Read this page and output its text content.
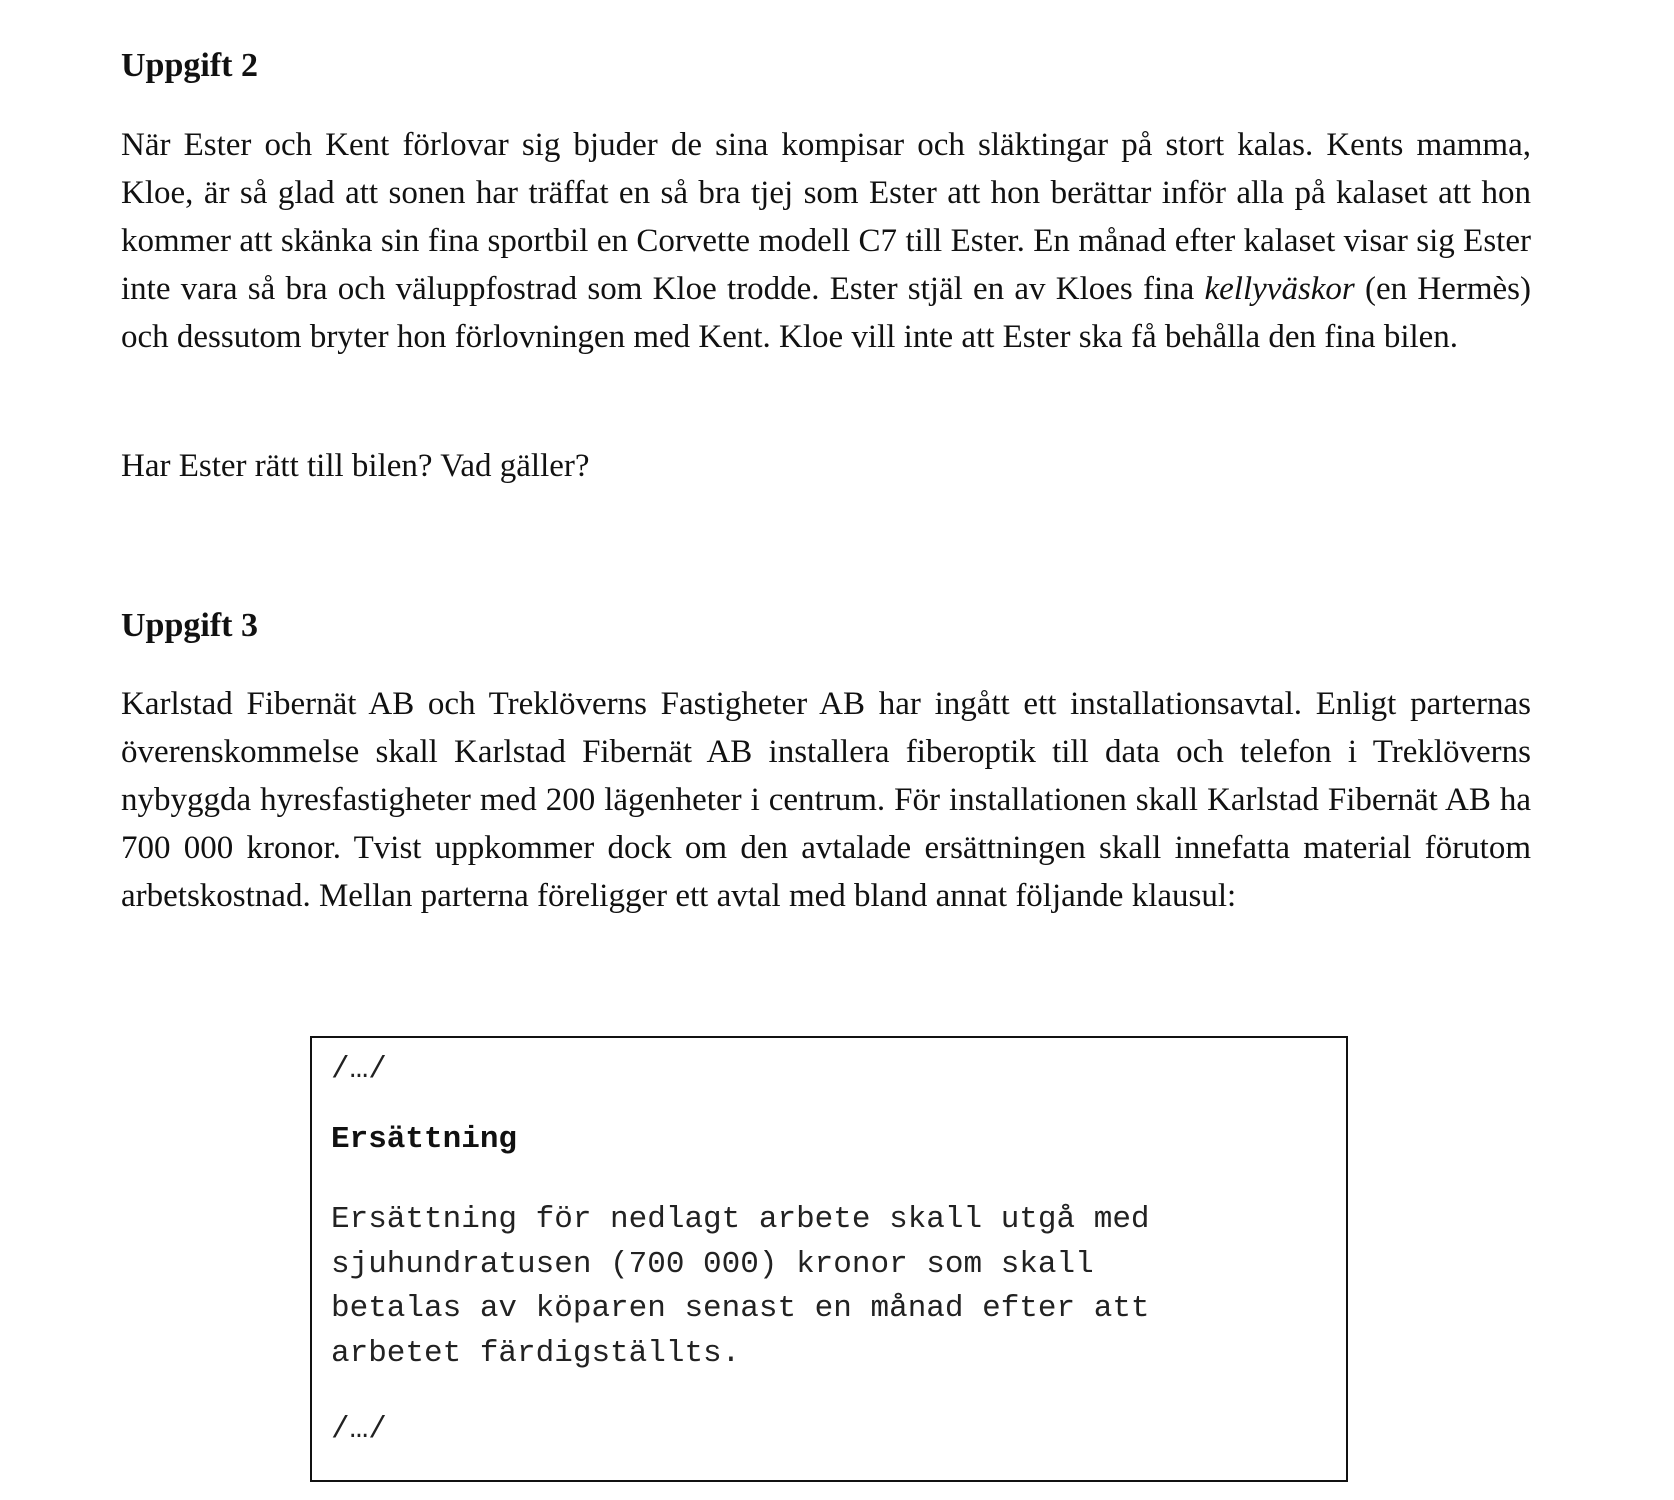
Uppgift 2

När Ester och Kent förlovar sig bjuder de sina kompisar och släktingar på stort kalas. Kents mamma, Kloe, är så glad att sonen har träffat en så bra tjej som Ester att hon berättar inför alla på kalaset att hon kommer att skänka sin fina sportbil en Corvette modell C7 till Ester. En månad efter kalaset visar sig Ester inte vara så bra och väluppfostrad som Kloe trodde. Ester stjäl en av Kloes fina kellyväskor (en Hermès) och dessutom bryter hon förlovningen med Kent. Kloe vill inte att Ester ska få behålla den fina bilen.

Har Ester rätt till bilen? Vad gäller?

Uppgift 3

Karlstad Fibernät AB och Treklöverns Fastigheter AB har ingått ett installationsavtal. Enligt parternas överenskommelse skall Karlstad Fibernät AB installera fiberoptik till data och telefon i Treklöverns nybyggda hyresfastigheter med 200 lägenheter i centrum. För installationen skall Karlstad Fibernät AB ha 700 000 kronor. Tvist uppkommer dock om den avtalade ersättningen skall innefatta material förutom arbetskostnad. Mellan parterna föreligger ett avtal med bland annat följande klausul:

/…/

Ersättning

Ersättning för nedlagt arbete skall utgå med
sjuhundratusen (700 000) kronor som skall
betalas av köparen senast en månad efter att
arbetet färdigställts.

/…/
